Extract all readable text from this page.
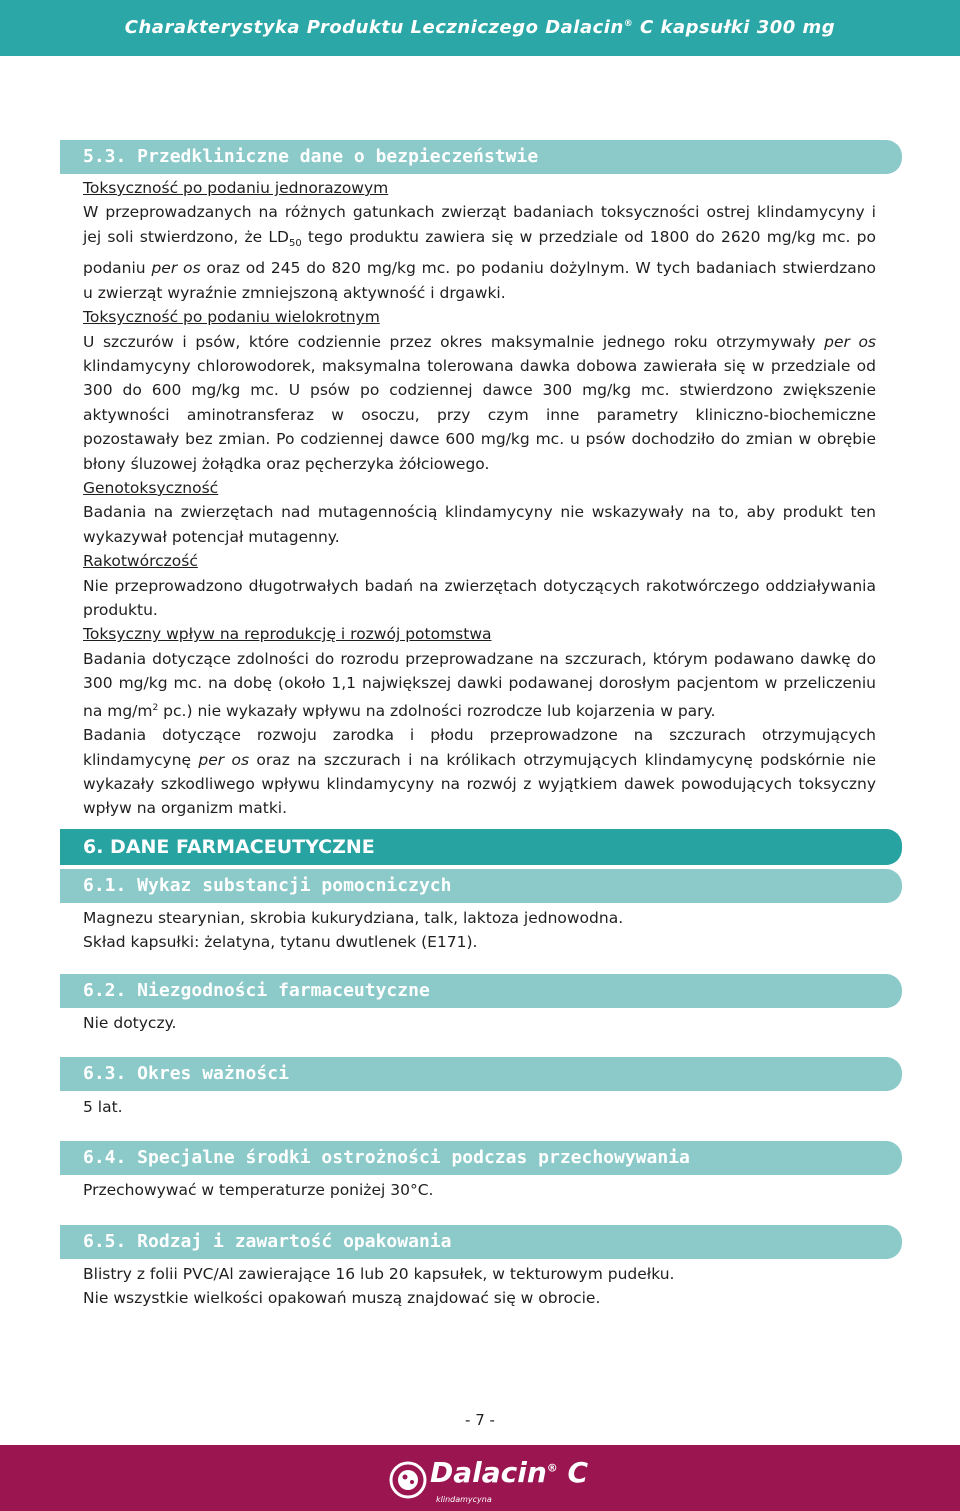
Charakterystyka Produktu Leczniczego Dalacin® C kapsułki 300 mg
5.3. Przedkliniczne dane o bezpieczeństwie

Toksyczność po podaniu jednorazowym

W przeprowadzanych na różnych gatunkach zwierząt badaniach toksyczności ostrej klindamycyny i jej soli stwierdzono, że $LD_{50}$ tego produktu zawiera się w przedziale od 1800 do 2620 mg/kg mc. po podaniu per os oraz od 245 do 820 mg/kg mc. po podaniu dożylnym. W tych badaniach stwierdzano u zwierząt wyraźnie zmniejszoną aktywność i drgawki.

Toksyczność po podaniu wielokrotnym

U szczurów i psów, które codziennie przez okres maksymalnie jednego roku otrzymywały per os klindamycyny chlorowodorek, maksymalna tolerowana dawka dobowa zawierała się w przedziale od 300 do 600 mg/kg mc. U psów po codziennej dawce 300 mg/kg mc. stwierdzono zwiększenie aktywności aminotransferaz w osoczu, przy czym inne parametry kliniczno-biochemiczne pozostawały bez zmian. Po codziennej dawce 600 mg/kg mc. u psów dochodziło do zmian w obrębie błony śluzowej żołądka oraz pęcherzyka żółciowego.

Genotoksyczność

Badania na zwierzętach nad mutagennością klindamycyny nie wskazywały na to, aby produkt ten wykazywał potencjał mutagenny.

Rakotwórczość

Nie przeprowadzono długotrwałych badań na zwierzętach dotyczących rakotwórczego oddziaływania produktu.

Toksyczny wpływ na reprodukcję i rozwój potomstwa

Badania dotyczące zdolności do rozrodu przeprowadzane na szczurach, którym podawano dawkę do 300 mg/kg mc. na dobę (około 1,1 największej dawki podawanej dorosłym pacjentom w przeliczeniu na $mg/m^2$ pc.) nie wykazały wpływu na zdolności rozrodcze lub kojarzenia w pary.

Badania dotyczące rozwoju zarodka i płodu przeprowadzone na szczurach otrzymujących klindamycynę per os oraz na szczurach i na królikach otrzymujących klindamycynę podskórnie nie wykazały szkodliwego wpływu klindamycyny na rozwój z wyjątkiem dawek powodujących toksyczny wpływ na organizm matki.

6. DANE FARMACEUTYCZNE
6.1. Wykaz substancji pomocniczych

Magnezu stearynian, skrobia kukurydziana, talk, laktoza jednowodna.

Skład kapsułki: żelatyna, tytanu dwutlenek (E171).

6.2. Niezgodności farmaceutyczne

Nie dotyczy.

6.3. Okres ważności

5 lat.

6.4. Specjalne środki ostrożności podczas przechowywania

Przechowywać w temperaturze poniżej 30°C.

6.5. Rodzaj i zawartość opakowania

Blistry z folii PVC/Al zawierające 16 lub 20 kapsułek, w tekturowym pudełku.

Nie wszystkie wielkości opakowań muszą znajdować się w obrocie.

- 7 -
Dalacin® C
klindamycyna
